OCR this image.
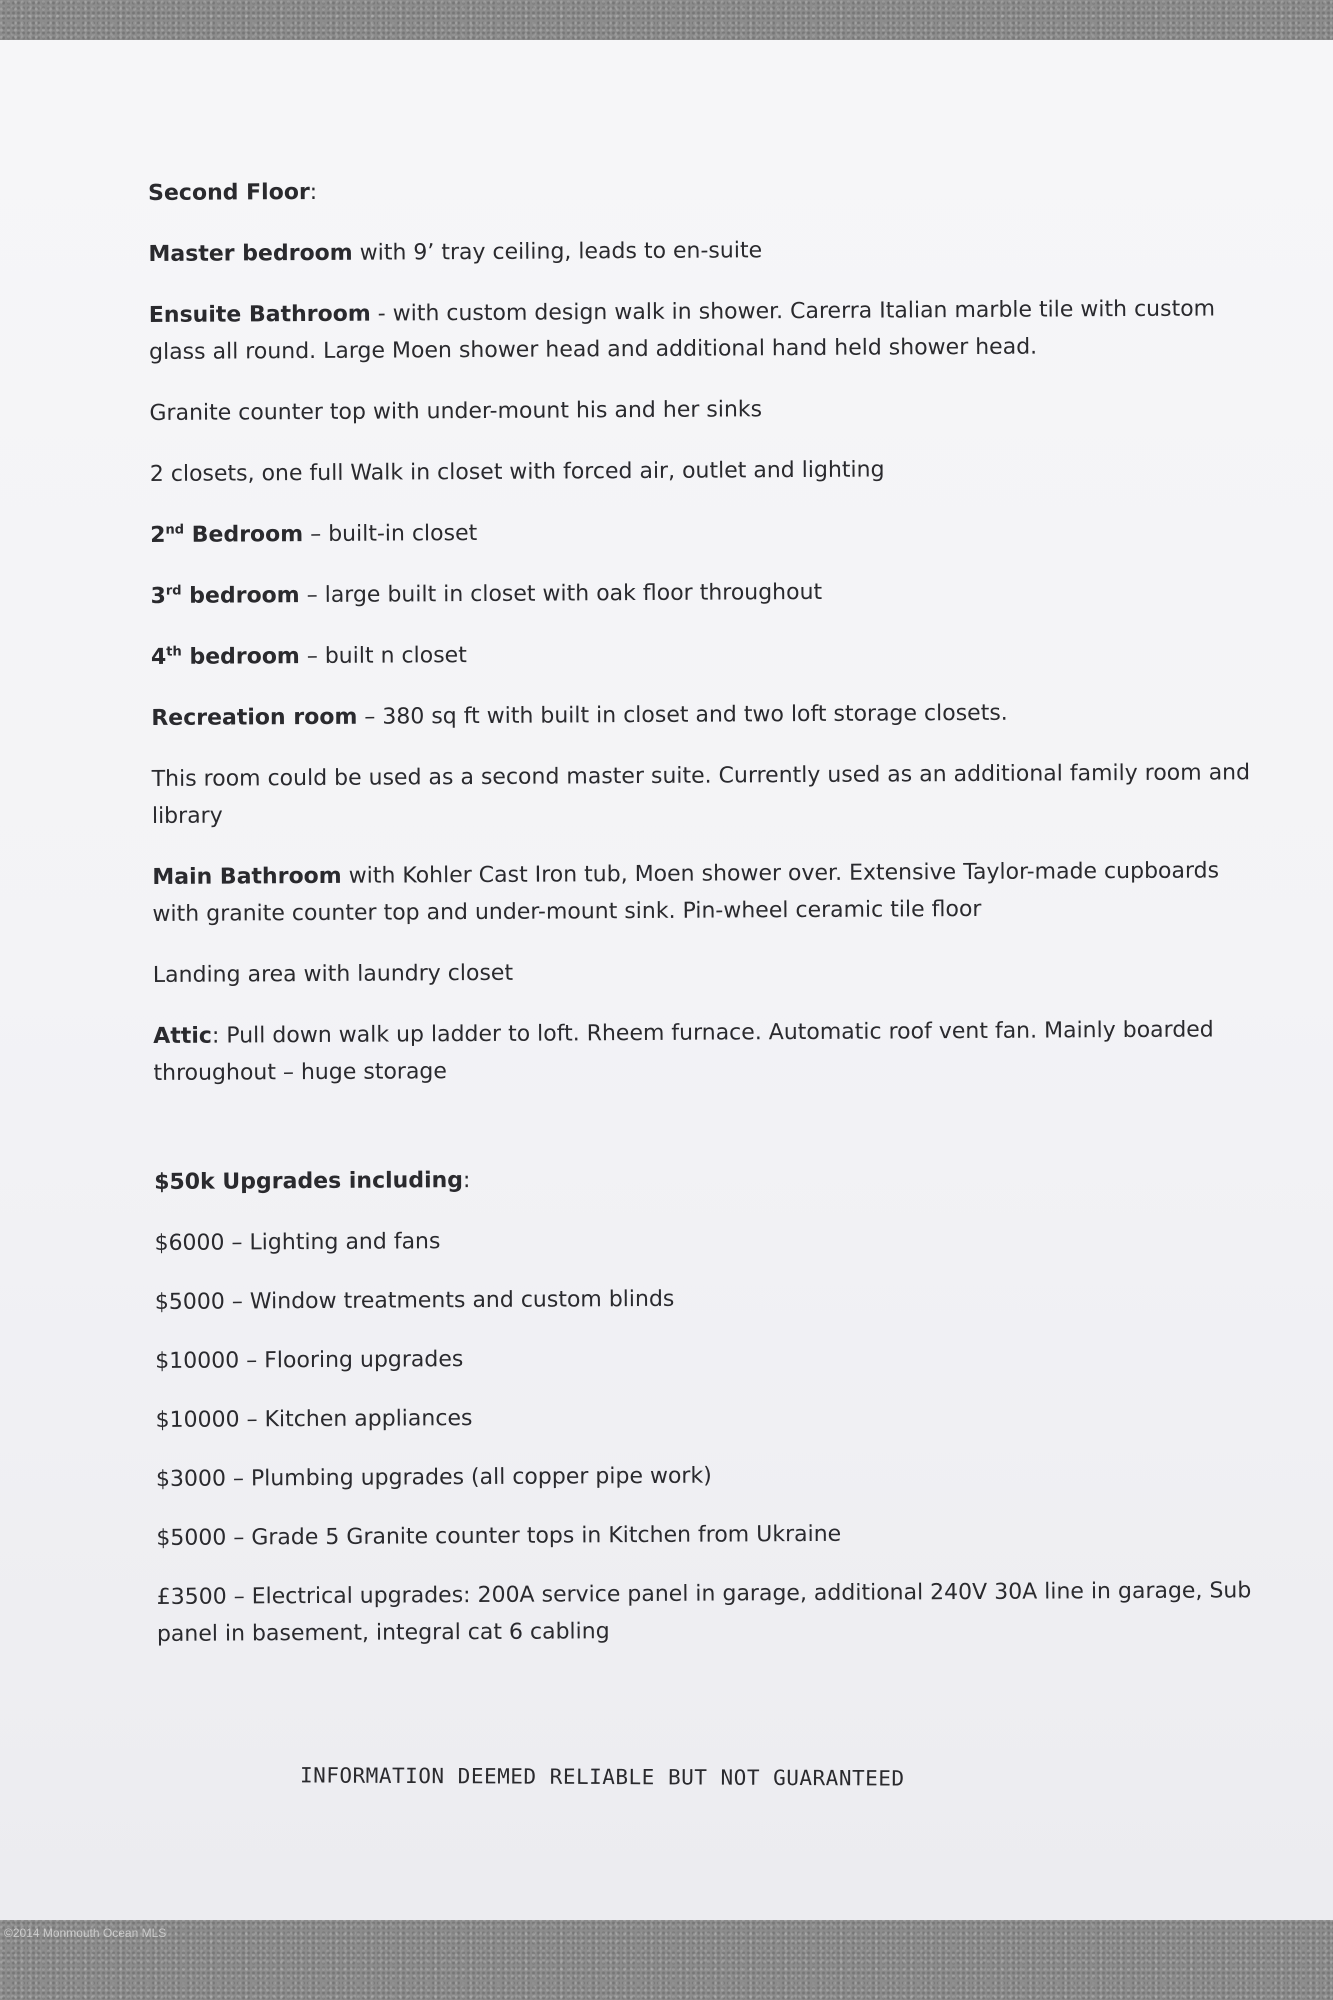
Second Floor:

Master bedroom with 9’ tray ceiling, leads to en-suite

Ensuite Bathroom - with custom design walk in shower. Carerra Italian marble tile with custom glass all round. Large Moen shower head and additional hand held shower head.

Granite counter top with under-mount his and her sinks

2 closets, one full Walk in closet with forced air, outlet and lighting

2nd Bedroom – built-in closet

3rd bedroom – large built in closet with oak floor throughout

4th bedroom – built n closet

Recreation room – 380 sq ft with built in closet and two loft storage closets.

This room could be used as a second master suite. Currently used as an additional family room and library

Main Bathroom with Kohler Cast Iron tub, Moen shower over. Extensive Taylor-made cupboards with granite counter top and under-mount sink. Pin-wheel ceramic tile floor

Landing area with laundry closet

Attic: Pull down walk up ladder to loft. Rheem furnace. Automatic roof vent fan. Mainly boarded throughout – huge storage

$50k Upgrades including:

$6000 – Lighting and fans

$5000 – Window treatments and custom blinds

$10000 – Flooring upgrades

$10000 – Kitchen appliances

$3000 – Plumbing upgrades (all copper pipe work)

$5000 – Grade 5 Granite counter tops in Kitchen from Ukraine

£3500 – Electrical upgrades: 200A service panel in garage, additional 240V 30A line in garage, Sub panel in basement, integral cat 6 cabling

INFORMATION DEEMED RELIABLE BUT NOT GUARANTEED
©2014 Monmouth Ocean MLS
